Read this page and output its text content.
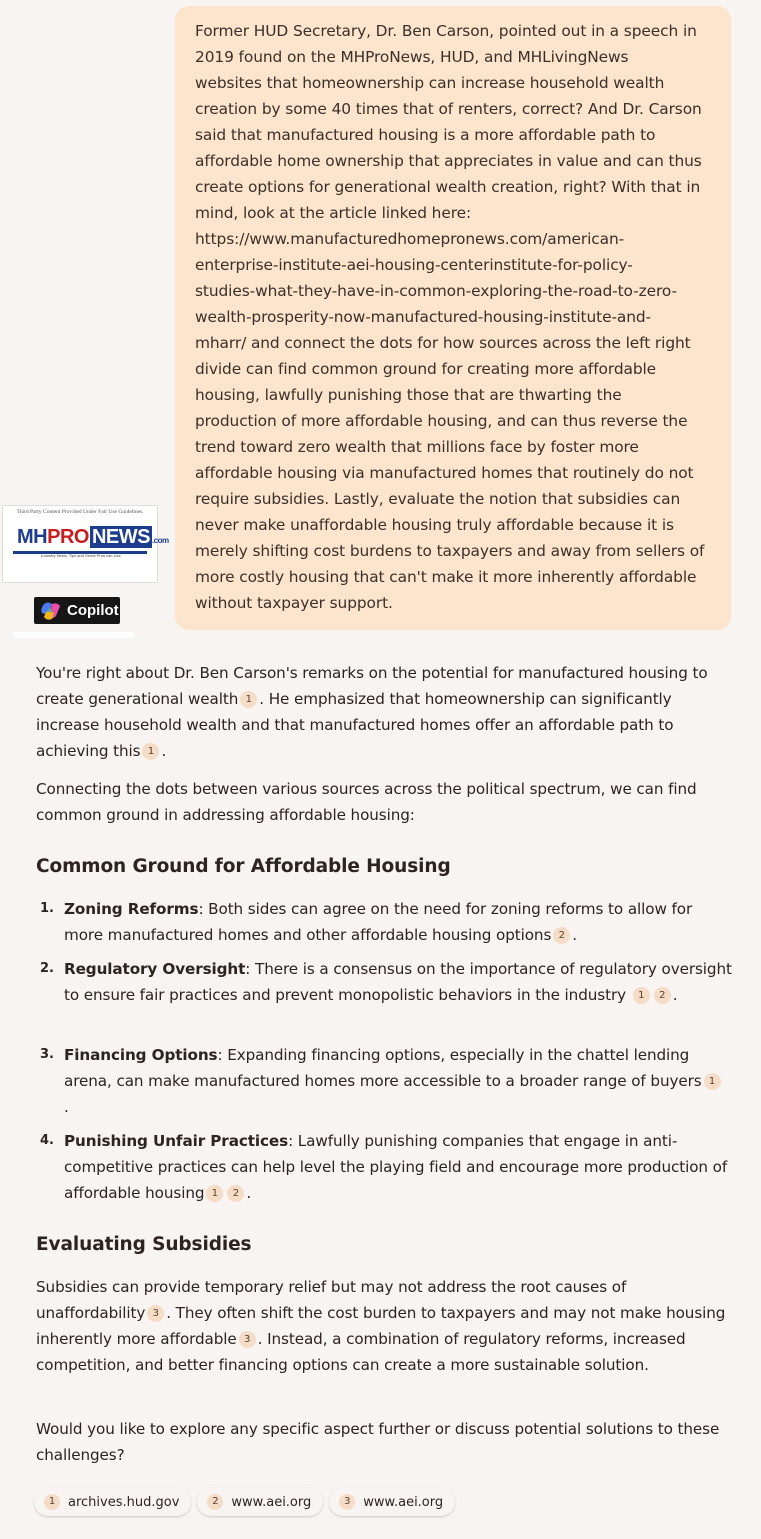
Former HUD Secretary, Dr. Ben Carson, pointed out in a speech in
2019 found on the MHProNews, HUD, and MHLivingNews
websites that homeownership can increase household wealth
creation by some 40 times that of renters, correct? And Dr. Carson
said that manufactured housing is a more affordable path to
affordable home ownership that appreciates in value and can thus
create options for generational wealth creation, right? With that in
mind, look at the article linked here:
https://www.manufacturedhomepronews.com/american-
enterprise-institute-aei-housing-centerinstitute-for-policy-
studies-what-they-have-in-common-exploring-the-road-to-zero-
wealth-prosperity-now-manufactured-housing-institute-and-
mharr/ and connect the dots for how sources across the left right
divide can find common ground for creating more affordable
housing, lawfully punishing those that are thwarting the
production of more affordable housing, and can thus reverse the
trend toward zero wealth that millions face by foster more
affordable housing via manufactured homes that routinely do not
require subsidies. Lastly, evaluate the notion that subsidies can
never make unaffordable housing truly affordable because it is
merely shifting cost burdens to taxpayers and away from sellers of
more costly housing that can't make it more inherently affordable
without taxpayer support.

Third Party Content Provided Under Fair Use Guidelines.
MHPRO NEWS .com
Industry News, Tips and Views Pros can Use
Copilot

You're right about Dr. Ben Carson's remarks on the potential for manufactured housing to create generational wealth 1 . He emphasized that homeownership can significantly increase household wealth and that manufactured homes offer an affordable path to achieving this 1 .

Connecting the dots between various sources across the political spectrum, we can find common ground in addressing affordable housing:

Common Ground for Affordable Housing
1. Zoning Reforms: Both sides can agree on the need for zoning reforms to allow for more manufactured homes and other affordable housing options 2 .
2. Regulatory Oversight: There is a consensus on the importance of regulatory oversight to ensure fair practices and prevent monopolistic behaviors in the industry 1 2 .
3. Financing Options: Expanding financing options, especially in the chattel lending arena, can make manufactured homes more accessible to a broader range of buyers 1
.
4. Punishing Unfair Practices: Lawfully punishing companies that engage in anti-competitive practices can help level the playing field and encourage more production of affordable housing 1 2 .
Evaluating Subsidies

Subsidies can provide temporary relief but may not address the root causes of unaffordability 3 . They often shift the cost burden to taxpayers and may not make housing inherently more affordable 3 . Instead, a combination of regulatory reforms, increased competition, and better financing options can create a more sustainable solution.

Would you like to explore any specific aspect further or discuss potential solutions to these challenges?

1 archives.hud.gov	2 www.aei.org	3 www.aei.org
